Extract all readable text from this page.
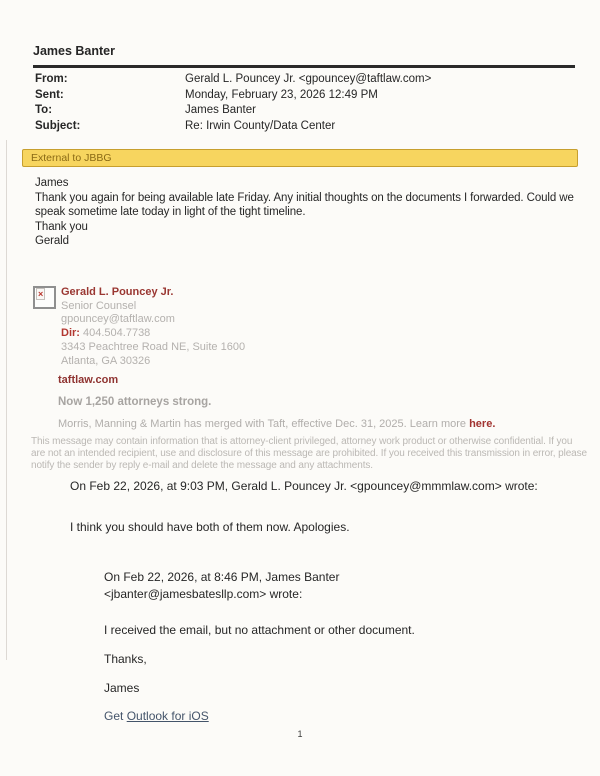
James Banter
From:	Gerald L. Pouncey Jr. <gpouncey@taftlaw.com>
Sent:	Monday, February 23, 2026 12:49 PM
To:	James Banter
Subject:	Re: Irwin County/Data Center
External to JBBG
James
Thank you again for being available late Friday. Any initial thoughts on the documents I forwarded. Could we speak sometime late today in light of the tight timeline.
Thank you
Gerald
× Gerald L. Pouncey Jr.
Senior Counsel
gpouncey@taftlaw.com
Dir: 404.504.7738
3343 Peachtree Road NE, Suite 1600
Atlanta, GA 30326
taftlaw.com
Now 1,250 attorneys strong.
Morris, Manning & Martin has merged with Taft, effective Dec. 31, 2025. Learn more here.
This message may contain information that is attorney-client privileged, attorney work product or otherwise confidential. If you are not an intended recipient, use and disclosure of this message are prohibited. If you received this transmission in error, please notify the sender by reply e-mail and delete the message and any attachments.
On Feb 22, 2026, at 9:03 PM, Gerald L. Pouncey Jr. <gpouncey@mmmlaw.com> wrote:
I think you should have both of them now. Apologies.
On Feb 22, 2026, at 8:46 PM, James Banter <jbanter@jamesbatesllp.com> wrote:
I received the email, but no attachment or other document.
Thanks,
James
Get Outlook for iOS
1
